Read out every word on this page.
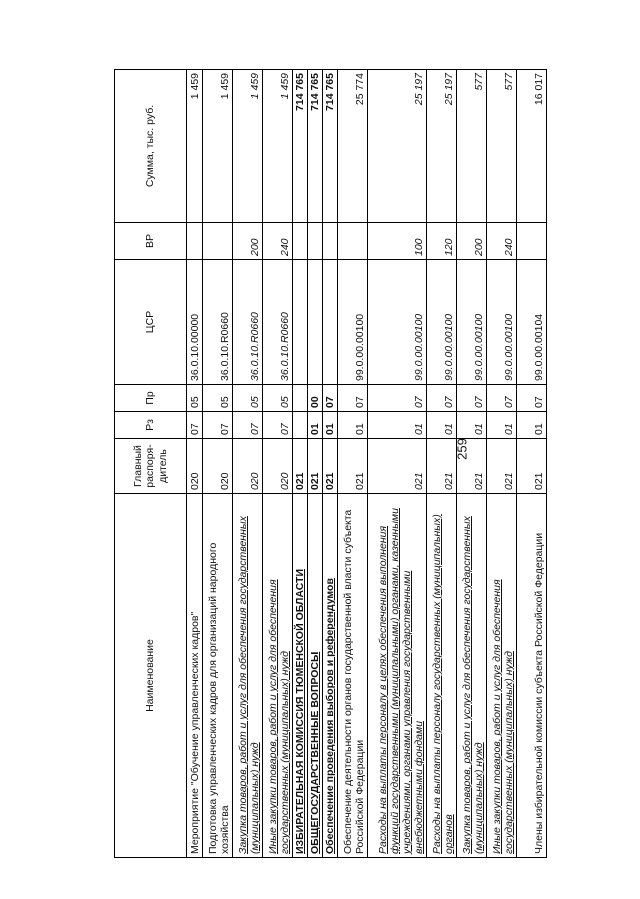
259
Наименование	Главный распоря-дитель	Рз	Пр	ЦСР	ВР	Сумма, тыс. руб.
Мероприятие "Обучение управленческих кадров"	020	07	05	36.0.10.00000		1 459
Подготовка управленческих кадров для организаций народного хозяйства	020	07	05	36.0.10.R0660		1 459
Закупка товаров, работ и услуг для обеспечения государственных (муниципальных) нужд	020	07	05	36.0.10.R0660	200	1 459
Иные закупки товаров, работ и услуг для обеспечения государственных (муниципальных) нужд	020	07	05	36.0.10.R0660	240	1 459
ИЗБИРАТЕЛЬНАЯ КОМИССИЯ ТЮМЕНСКОЙ ОБЛАСТИ	021					714 765
ОБЩЕГОСУДАРСТВЕННЫЕ ВОПРОСЫ	021	01	00			714 765
Обеспечение проведения выборов и референдумов	021	01	07			714 765
Обеспечение деятельности органов государственной власти субъекта Российской Федерации	021	01	07	99.0.00.00100		25 774
Расходы на выплаты персоналу в целях обеспечения выполнения функций государственными (муниципальными) органами, казенными учреждениями, органами управления государственными внебюджетными фондами	021	01	07	99.0.00.00100	100	25 197
Расходы на выплаты персоналу государственных (муниципальных) органов	021	01	07	99.0.00.00100	120	25 197
Закупка товаров, работ и услуг для обеспечения государственных (муниципальных) нужд	021	01	07	99.0.00.00100	200	577
Иные закупки товаров, работ и услуг для обеспечения государственных (муниципальных) нужд	021	01	07	99.0.00.00100	240	577
Члены избирательной комиссии субъекта Российской Федерации	021	01	07	99.0.00.00104		16 017
